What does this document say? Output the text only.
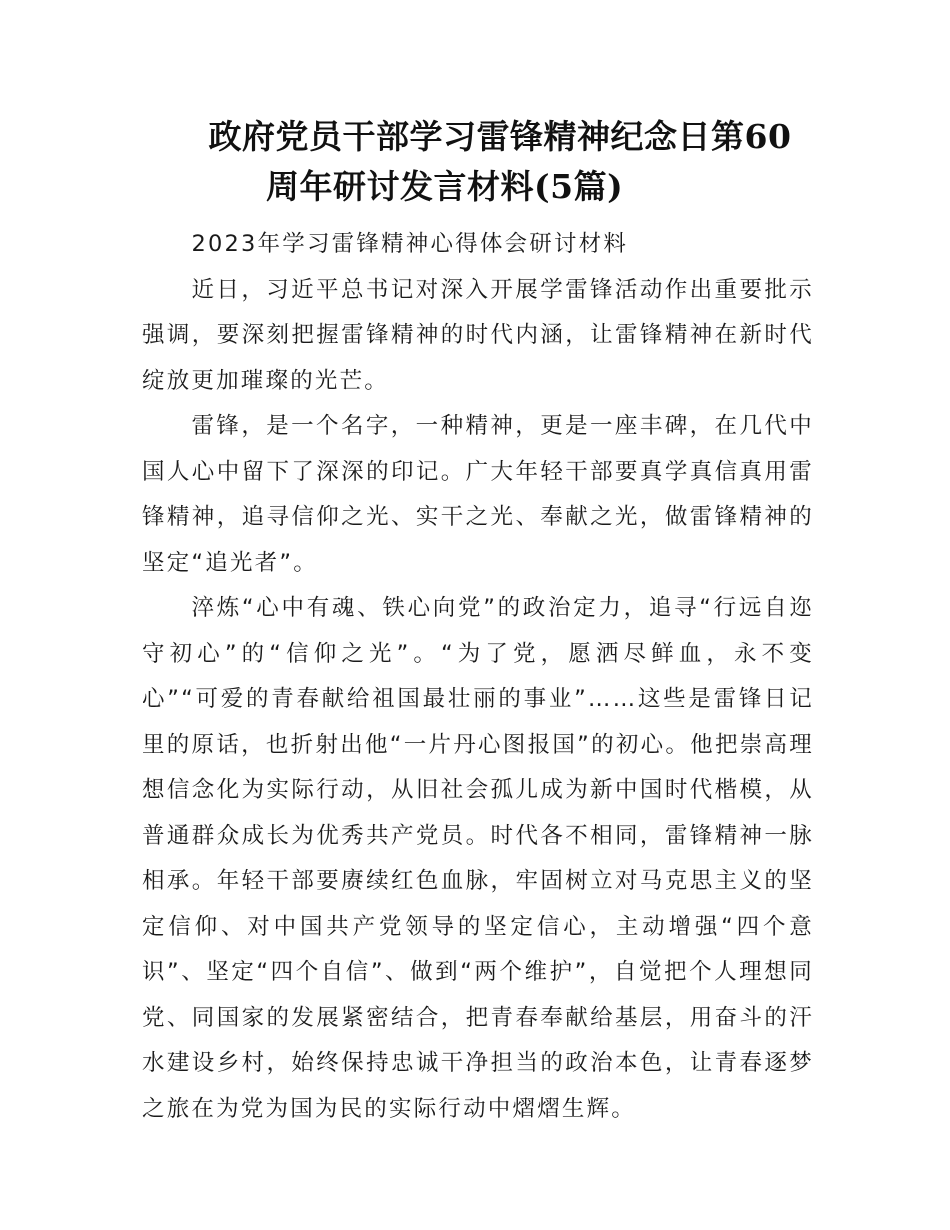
政府党员干部学习雷锋精神纪念日第60
周年研讨发言材料(5篇)

2023年学习雷锋精神心得体会研讨材料

近日，习近平总书记对深入开展学雷锋活动作出重要批示强调，要深刻把握雷锋精神的时代内涵，让雷锋精神在新时代绽放更加璀璨的光芒。

雷锋，是一个名字，一种精神，更是一座丰碑，在几代中国人心中留下了深深的印记。广大年轻干部要真学真信真用雷锋精神，追寻信仰之光、实干之光、奉献之光，做雷锋精神的坚定“追光者”。

淬炼“心中有魂、铁心向党”的政治定力，追寻“行远自迩守初心”的“信仰之光”。“为了党，愿洒尽鲜血，永不变心”“可爱的青春献给祖国最壮丽的事业”……这些是雷锋日记里的原话，也折射出他“一片丹心图报国”的初心。他把崇高理想信念化为实际行动，从旧社会孤儿成为新中国时代楷模，从普通群众成长为优秀共产党员。时代各不相同，雷锋精神一脉相承。年轻干部要赓续红色血脉，牢固树立对马克思主义的坚定信仰、对中国共产党领导的坚定信心，主动增强“四个意识”、坚定“四个自信”、做到“两个维护”，自觉把个人理想同党、同国家的发展紧密结合，把青春奉献给基层，用奋斗的汗水建设乡村，始终保持忠诚干净担当的政治本色，让青春逐梦之旅在为党为国为民的实际行动中熠熠生辉。
